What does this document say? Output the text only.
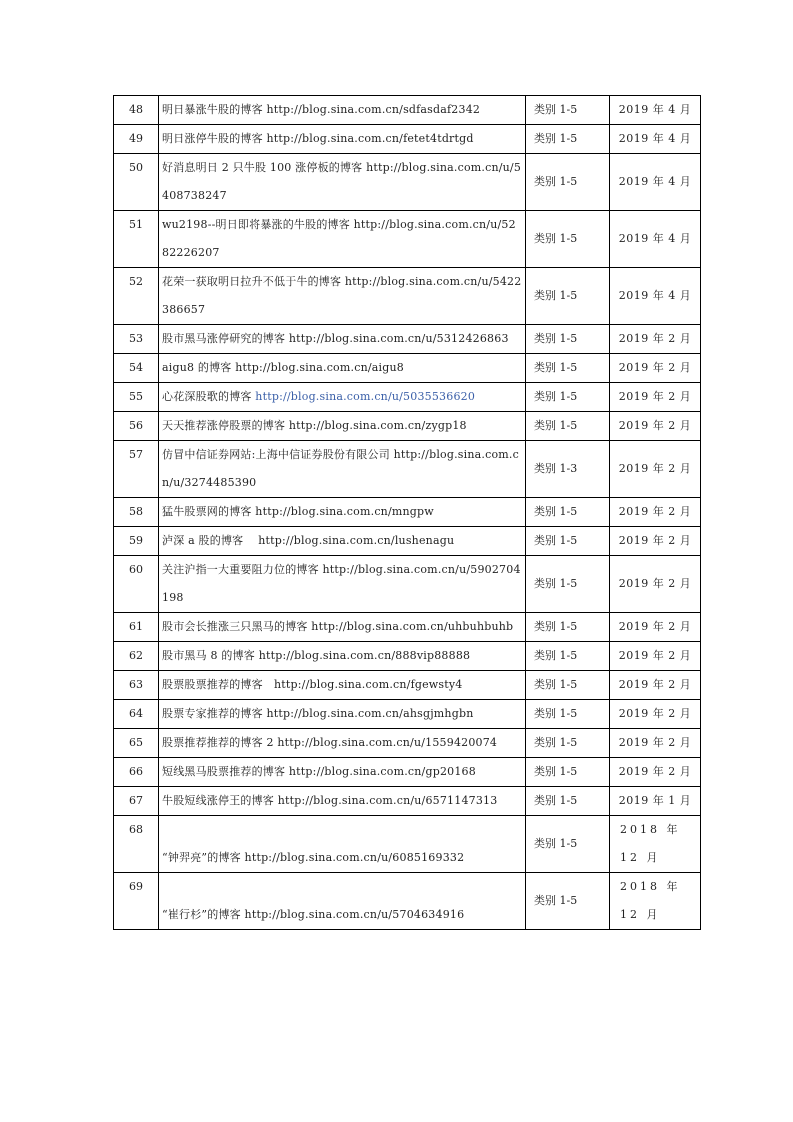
48	明日暴涨牛股的博客 http://blog.sina.com.cn/sdfasdaf2342	类别 1-5	2019 年 4 月
49	明日涨停牛股的博客 http://blog.sina.com.cn/fetet4tdrtgd	类别 1-5	2019 年 4 月
50	好消息明日 2 只牛股 100 涨停板的博客 http://blog.sina.com.cn/u/5408738247	类别 1-5	2019 年 4 月
51	wu2198--明日即将暴涨的牛股的博客 http://blog.sina.com.cn/u/5282226207	类别 1-5	2019 年 4 月
52	花荣一获取明日拉升不低于牛的博客 http://blog.sina.com.cn/u/5422386657	类别 1-5	2019 年 4 月
53	股市黑马涨停研究的博客 http://blog.sina.com.cn/u/5312426863	类别 1-5	2019 年 2 月
54	aigu8 的博客 http://blog.sina.com.cn/aigu8	类别 1-5	2019 年 2 月
55	心花深股歌的博客 http://blog.sina.com.cn/u/5035536620	类别 1-5	2019 年 2 月
56	天天推荐涨停股票的博客 http://blog.sina.com.cn/zygp18	类别 1-5	2019 年 2 月
57	仿冒中信证券网站:上海中信证券股份有限公司 http://blog.sina.com.cn/u/3274485390	类别 1-3	2019 年 2 月
58	猛牛股票网的博客 http://blog.sina.com.cn/mngpw	类别 1-5	2019 年 2 月
59	泸深 a 股的博客　 http://blog.sina.com.cn/lushenagu	类别 1-5	2019 年 2 月
60	关注沪指一大重要阻力位的博客 http://blog.sina.com.cn/u/5902704198	类别 1-5	2019 年 2 月
61	股市会长推涨三只黑马的博客 http://blog.sina.com.cn/uhbuhbuhb	类别 1-5	2019 年 2 月
62	股市黑马 8 的博客 http://blog.sina.com.cn/888vip88888	类别 1-5	2019 年 2 月
63	股票股票推荐的博客　http://blog.sina.com.cn/fgewsty4	类别 1-5	2019 年 2 月
64	股票专家推荐的博客 http://blog.sina.com.cn/ahsgjmhgbn	类别 1-5	2019 年 2 月
65	股票推荐推荐的博客 2 http://blog.sina.com.cn/u/1559420074	类别 1-5	2019 年 2 月
66	短线黑马股票推荐的博客 http://blog.sina.com.cn/gp20168	类别 1-5	2019 年 2 月
67	牛股短线涨停王的博客 http://blog.sina.com.cn/u/6571147313	类别 1-5	2019 年 1 月
68	“钟羿亮”的博客 http://blog.sina.com.cn/u/6085169332	类别 1-5	2018 年 12 月
69	“崔行杉”的博客 http://blog.sina.com.cn/u/5704634916	类别 1-5	2018 年 12 月
